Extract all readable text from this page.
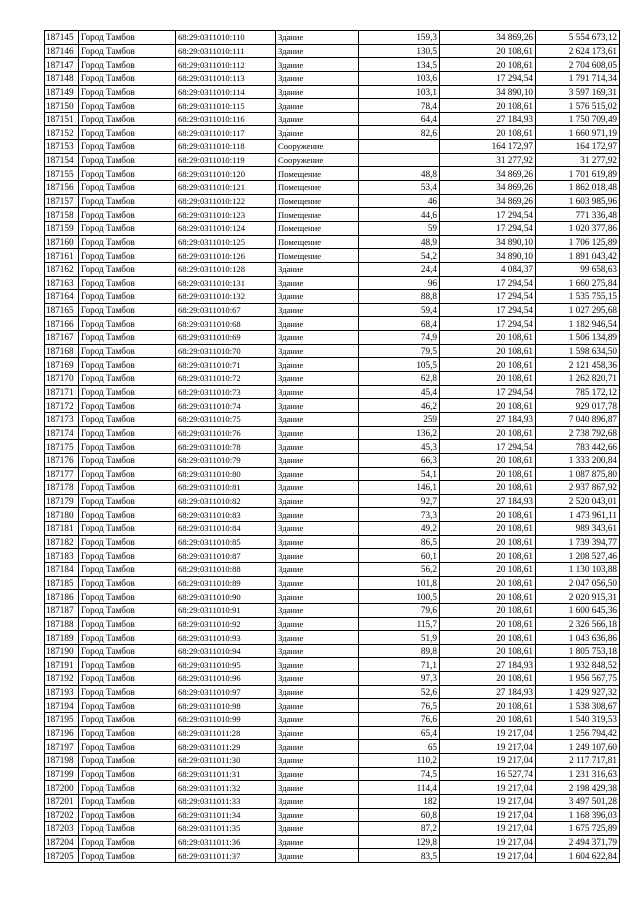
187145	Город Тамбов	68:29:0311010:110	Здание	159,3	34 869,26	5 554 673,12
187146	Город Тамбов	68:29:0311010:111	Здание	130,5	20 108,61	2 624 173,61
187147	Город Тамбов	68:29:0311010:112	Здание	134,5	20 108,61	2 704 608,05
187148	Город Тамбов	68:29:0311010:113	Здание	103,6	17 294,54	1 791 714,34
187149	Город Тамбов	68:29:0311010:114	Здание	103,1	34 890,10	3 597 169,31
187150	Город Тамбов	68:29:0311010:115	Здание	78,4	20 108,61	1 576 515,02
187151	Город Тамбов	68:29:0311010:116	Здание	64,4	27 184,93	1 750 709,49
187152	Город Тамбов	68:29:0311010:117	Здание	82,6	20 108,61	1 660 971,19
187153	Город Тамбов	68:29:0311010:118	Сооружение		164 172,97	164 172,97
187154	Город Тамбов	68:29:0311010:119	Сооружение		31 277,92	31 277,92
187155	Город Тамбов	68:29:0311010:120	Помещение	48,8	34 869,26	1 701 619,89
187156	Город Тамбов	68:29:0311010:121	Помещение	53,4	34 869,26	1 862 018,48
187157	Город Тамбов	68:29:0311010:122	Помещение	46	34 869,26	1 603 985,96
187158	Город Тамбов	68:29:0311010:123	Помещение	44,6	17 294,54	771 336,48
187159	Город Тамбов	68:29:0311010:124	Помещение	59	17 294,54	1 020 377,86
187160	Город Тамбов	68:29:0311010:125	Помещение	48,9	34 890,10	1 706 125,89
187161	Город Тамбов	68:29:0311010:126	Помещение	54,2	34 890,10	1 891 043,42
187162	Город Тамбов	68:29:0311010:128	Здание	24,4	4 084,37	99 658,63
187163	Город Тамбов	68:29:0311010:131	Здание	96	17 294,54	1 660 275,84
187164	Город Тамбов	68:29:0311010:132	Здание	88,8	17 294,54	1 535 755,15
187165	Город Тамбов	68:29:0311010:67	Здание	59,4	17 294,54	1 027 295,68
187166	Город Тамбов	68:29:0311010:68	Здание	68,4	17 294,54	1 182 946,54
187167	Город Тамбов	68:29:0311010:69	Здание	74,9	20 108,61	1 506 134,89
187168	Город Тамбов	68:29:0311010:70	Здание	79,5	20 108,61	1 598 634,50
187169	Город Тамбов	68:29:0311010:71	Здание	105,5	20 108,61	2 121 458,36
187170	Город Тамбов	68:29:0311010:72	Здание	62,8	20 108,61	1 262 820,71
187171	Город Тамбов	68:29:0311010:73	Здание	45,4	17 294,54	785 172,12
187172	Город Тамбов	68:29:0311010:74	Здание	46,2	20 108,61	929 017,78
187173	Город Тамбов	68:29:0311010:75	Здание	259	27 184,93	7 040 896,87
187174	Город Тамбов	68:29:0311010:76	Здание	136,2	20 108,61	2 738 792,68
187175	Город Тамбов	68:29:0311010:78	Здание	45,3	17 294,54	783 442,66
187176	Город Тамбов	68:29:0311010:79	Здание	66,3	20 108,61	1 333 200,84
187177	Город Тамбов	68:29:0311010:80	Здание	54,1	20 108,61	1 087 875,80
187178	Город Тамбов	68:29:0311010:81	Здание	146,1	20 108,61	2 937 867,92
187179	Город Тамбов	68:29:0311010:82	Здание	92,7	27 184,93	2 520 043,01
187180	Город Тамбов	68:29:0311010:83	Здание	73,3	20 108,61	1 473 961,11
187181	Город Тамбов	68:29:0311010:84	Здание	49,2	20 108,61	989 343,61
187182	Город Тамбов	68:29:0311010:85	Здание	86,5	20 108,61	1 739 394,77
187183	Город Тамбов	68:29:0311010:87	Здание	60,1	20 108,61	1 208 527,46
187184	Город Тамбов	68:29:0311010:88	Здание	56,2	20 108,61	1 130 103,88
187185	Город Тамбов	68:29:0311010:89	Здание	101,8	20 108,61	2 047 056,50
187186	Город Тамбов	68:29:0311010:90	Здание	100,5	20 108,61	2 020 915,31
187187	Город Тамбов	68:29:0311010:91	Здание	79,6	20 108,61	1 600 645,36
187188	Город Тамбов	68:29:0311010:92	Здание	115,7	20 108,61	2 326 566,18
187189	Город Тамбов	68:29:0311010:93	Здание	51,9	20 108,61	1 043 636,86
187190	Город Тамбов	68:29:0311010:94	Здание	89,8	20 108,61	1 805 753,18
187191	Город Тамбов	68:29:0311010:95	Здание	71,1	27 184,93	1 932 848,52
187192	Город Тамбов	68:29:0311010:96	Здание	97,3	20 108,61	1 956 567,75
187193	Город Тамбов	68:29:0311010:97	Здание	52,6	27 184,93	1 429 927,32
187194	Город Тамбов	68:29:0311010:98	Здание	76,5	20 108,61	1 538 308,67
187195	Город Тамбов	68:29:0311010:99	Здание	76,6	20 108,61	1 540 319,53
187196	Город Тамбов	68:29:0311011:28	Здание	65,4	19 217,04	1 256 794,42
187197	Город Тамбов	68:29:0311011:29	Здание	65	19 217,04	1 249 107,60
187198	Город Тамбов	68:29:0311011:30	Здание	110,2	19 217,04	2 117 717,81
187199	Город Тамбов	68:29:0311011:31	Здание	74,5	16 527,74	1 231 316,63
187200	Город Тамбов	68:29:0311011:32	Здание	114,4	19 217,04	2 198 429,38
187201	Город Тамбов	68:29:0311011:33	Здание	182	19 217,04	3 497 501,28
187202	Город Тамбов	68:29:0311011:34	Здание	60,8	19 217,04	1 168 396,03
187203	Город Тамбов	68:29:0311011:35	Здание	87,2	19 217,04	1 675 725,89
187204	Город Тамбов	68:29:0311011:36	Здание	129,8	19 217,04	2 494 371,79
187205	Город Тамбов	68:29:0311011:37	Здание	83,5	19 217,04	1 604 622,84
